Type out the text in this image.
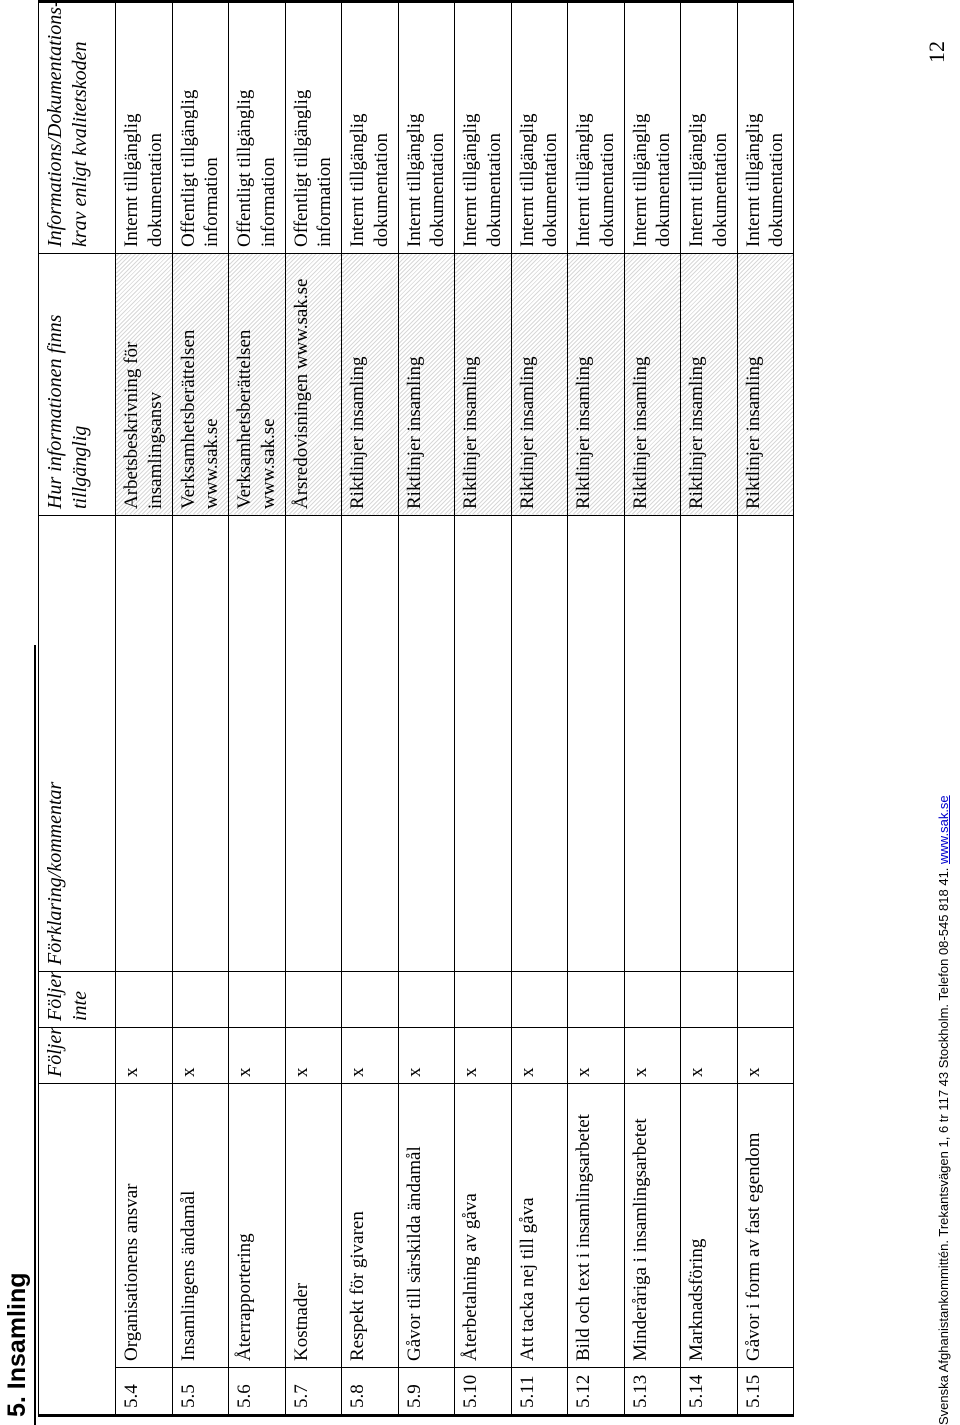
5. Insamling
		Följer	Följer inte	Förklaring/kommentar	Hur informationen finns tillgänglig	Informations/Dokumentations-krav enligt kvalitetskoden
5.4	Organisationens ansvar	x			Arbetsbeskrivning för insamlingsansv	Internt tillgänglig dokumentation
5.5	Insamlingens ändamål	x			Verksamhetsberättelsen www.sak.se	Offentligt tillgänglig information
5.6	Återrapportering	x			Verksamhetsberättelsen www.sak.se	Offentligt tillgänglig information
5.7	Kostnader	x			Årsredovisningen www.sak.se	Offentligt tillgänglig information
5.8	Respekt för givaren	x			Riktlinjer insamling	Internt tillgänglig dokumentation
5.9	Gåvor till särskilda ändamål	x			Riktlinjer insamling	Internt tillgänglig dokumentation
5.10	Återbetalning av gåva	x			Riktlinjer insamling	Internt tillgänglig dokumentation
5.11	Att tacka nej till gåva	x			Riktlinjer insamling	Internt tillgänglig dokumentation
5.12	Bild och text i insamlingsarbetet	x			Riktlinjer insamling	Internt tillgänglig dokumentation
5.13	Minderåriga i insamlingsarbetet	x			Riktlinjer insamling	Internt tillgänglig dokumentation
5.14	Marknadsföring	x			Riktlinjer insamling	Internt tillgänglig dokumentation
5.15	Gåvor i form av fast egendom	x			Riktlinjer insamling	Internt tillgänglig dokumentation
Svenska Afghanistankommittén. Trekantsvägen 1, 6 tr 117 43 Stockholm. Telefon 08-545 818 41. www.sak.se
12
